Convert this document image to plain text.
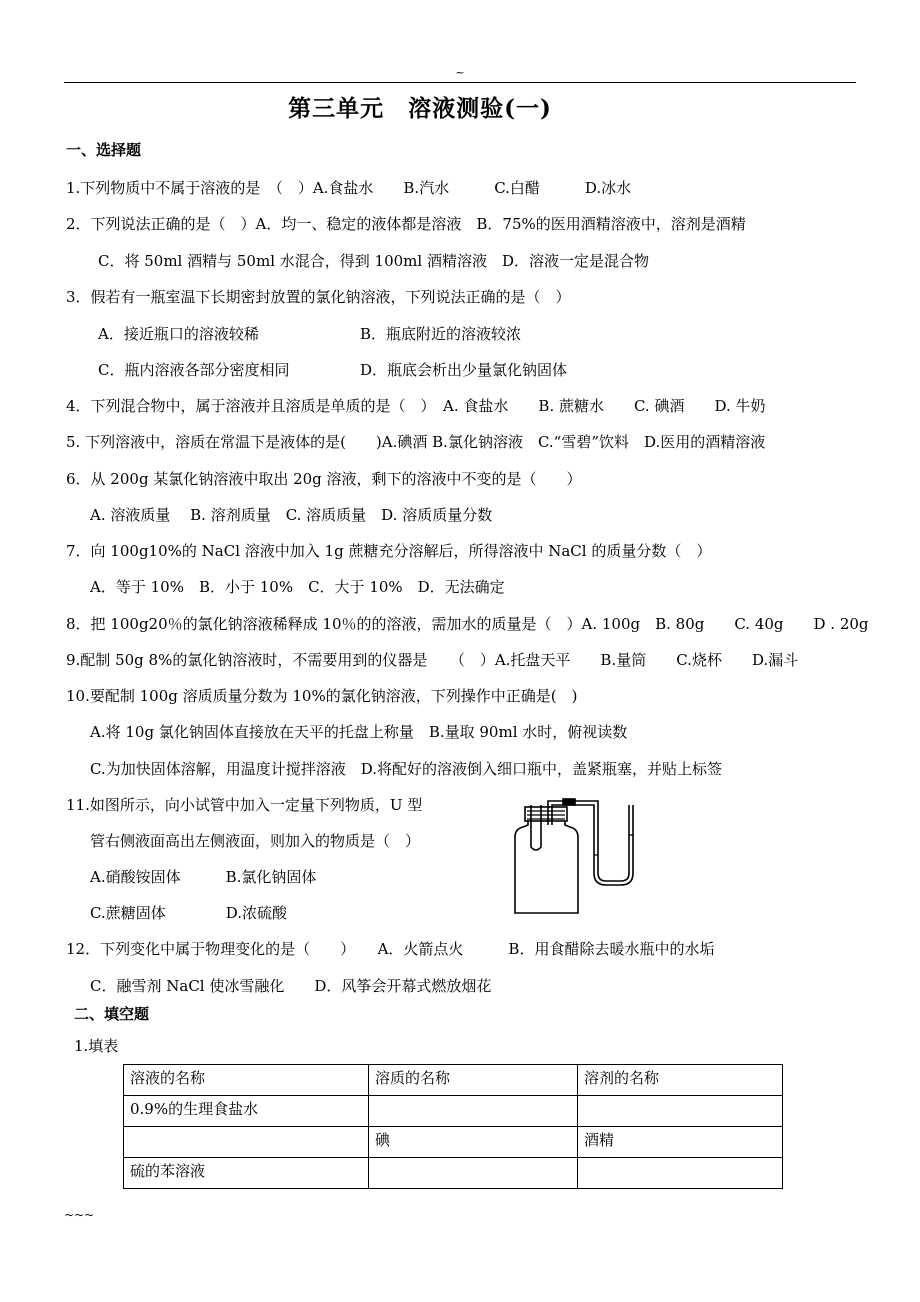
~
第三单元　溶液测验(一)
一、选择题
1.下列物质中不属于溶液的是　（　）A.食盐水　　B.汽水　　　C.白醋　　　D.冰水
2．下列说法正确的是（　）A．均一、稳定的液体都是溶液　B．75%的医用酒精溶液中，溶剂是酒精
C．将 50ml 酒精与 50ml 水混合，得到 100ml 酒精溶液　D．溶液一定是混合物
3．假若有一瓶室温下长期密封放置的氯化钠溶液，下列说法正确的是（　）
A．接近瓶口的溶液较稀	B．瓶底附近的溶液较浓
C．瓶内溶液各部分密度相同	D．瓶底会析出少量氯化钠固体
4．下列混合物中，属于溶液并且溶质是单质的是（　）　A. 食盐水　　B. 蔗糖水　　C. 碘酒　　D. 牛奶
5. 下列溶液中，溶质在常温下是液体的是(　　)A.碘酒 B.氯化钠溶液　C.“雪碧”饮料　D.医用的酒精溶液
6．从 200g 某氯化钠溶液中取出 20g 溶液，剩下的溶液中不变的是（　　）
A. 溶液质量　 B. 溶剂质量　C. 溶质质量　D. 溶质质量分数
7．向 100g10%的 NaCl 溶液中加入 1g 蔗糖充分溶解后，所得溶液中 NaCl 的质量分数（　）
A．等于 10%　B．小于 10%　C．大于 10%　D．无法确定
8．把 100g20％的氯化钠溶液稀释成 10％的的溶液，需加水的质量是（　）A. 100g　B. 80g　　C. 40g　　D . 20g
9.配制 50g 8%的氯化钠溶液时，不需要用到的仪器是　　（　）A.托盘天平　　B.量筒　　C.烧杯　　D.漏斗
10.要配制 100g 溶质质量分数为 10%的氯化钠溶液，下列操作中正确是(　)
A.将 10g 氯化钠固体直接放在天平的托盘上称量　B.量取 90ml 水时，俯视读数
C.为加快固体溶解，用温度计搅拌溶液　D.将配好的溶液倒入细口瓶中，盖紧瓶塞，并贴上标签
11.如图所示，向小试管中加入一定量下列物质，U 型
管右侧液面高出左侧液面，则加入的物质是（　）
A.硝酸铵固体　　　B.氯化钠固体
C.蔗糖固体　　　　D.浓硫酸
12．下列变化中属于物理变化的是（　　）　　A．火箭点火　　　B．用食醋除去暖水瓶中的水垢
C．融雪剂 NaCl 使冰雪融化　　D．风筝会开幕式燃放烟花
二、填空题
1.填表
溶液的名称	溶质的名称	溶剂的名称
0.9%的生理食盐水		
	碘	酒精
硫的苯溶液		
~~~
